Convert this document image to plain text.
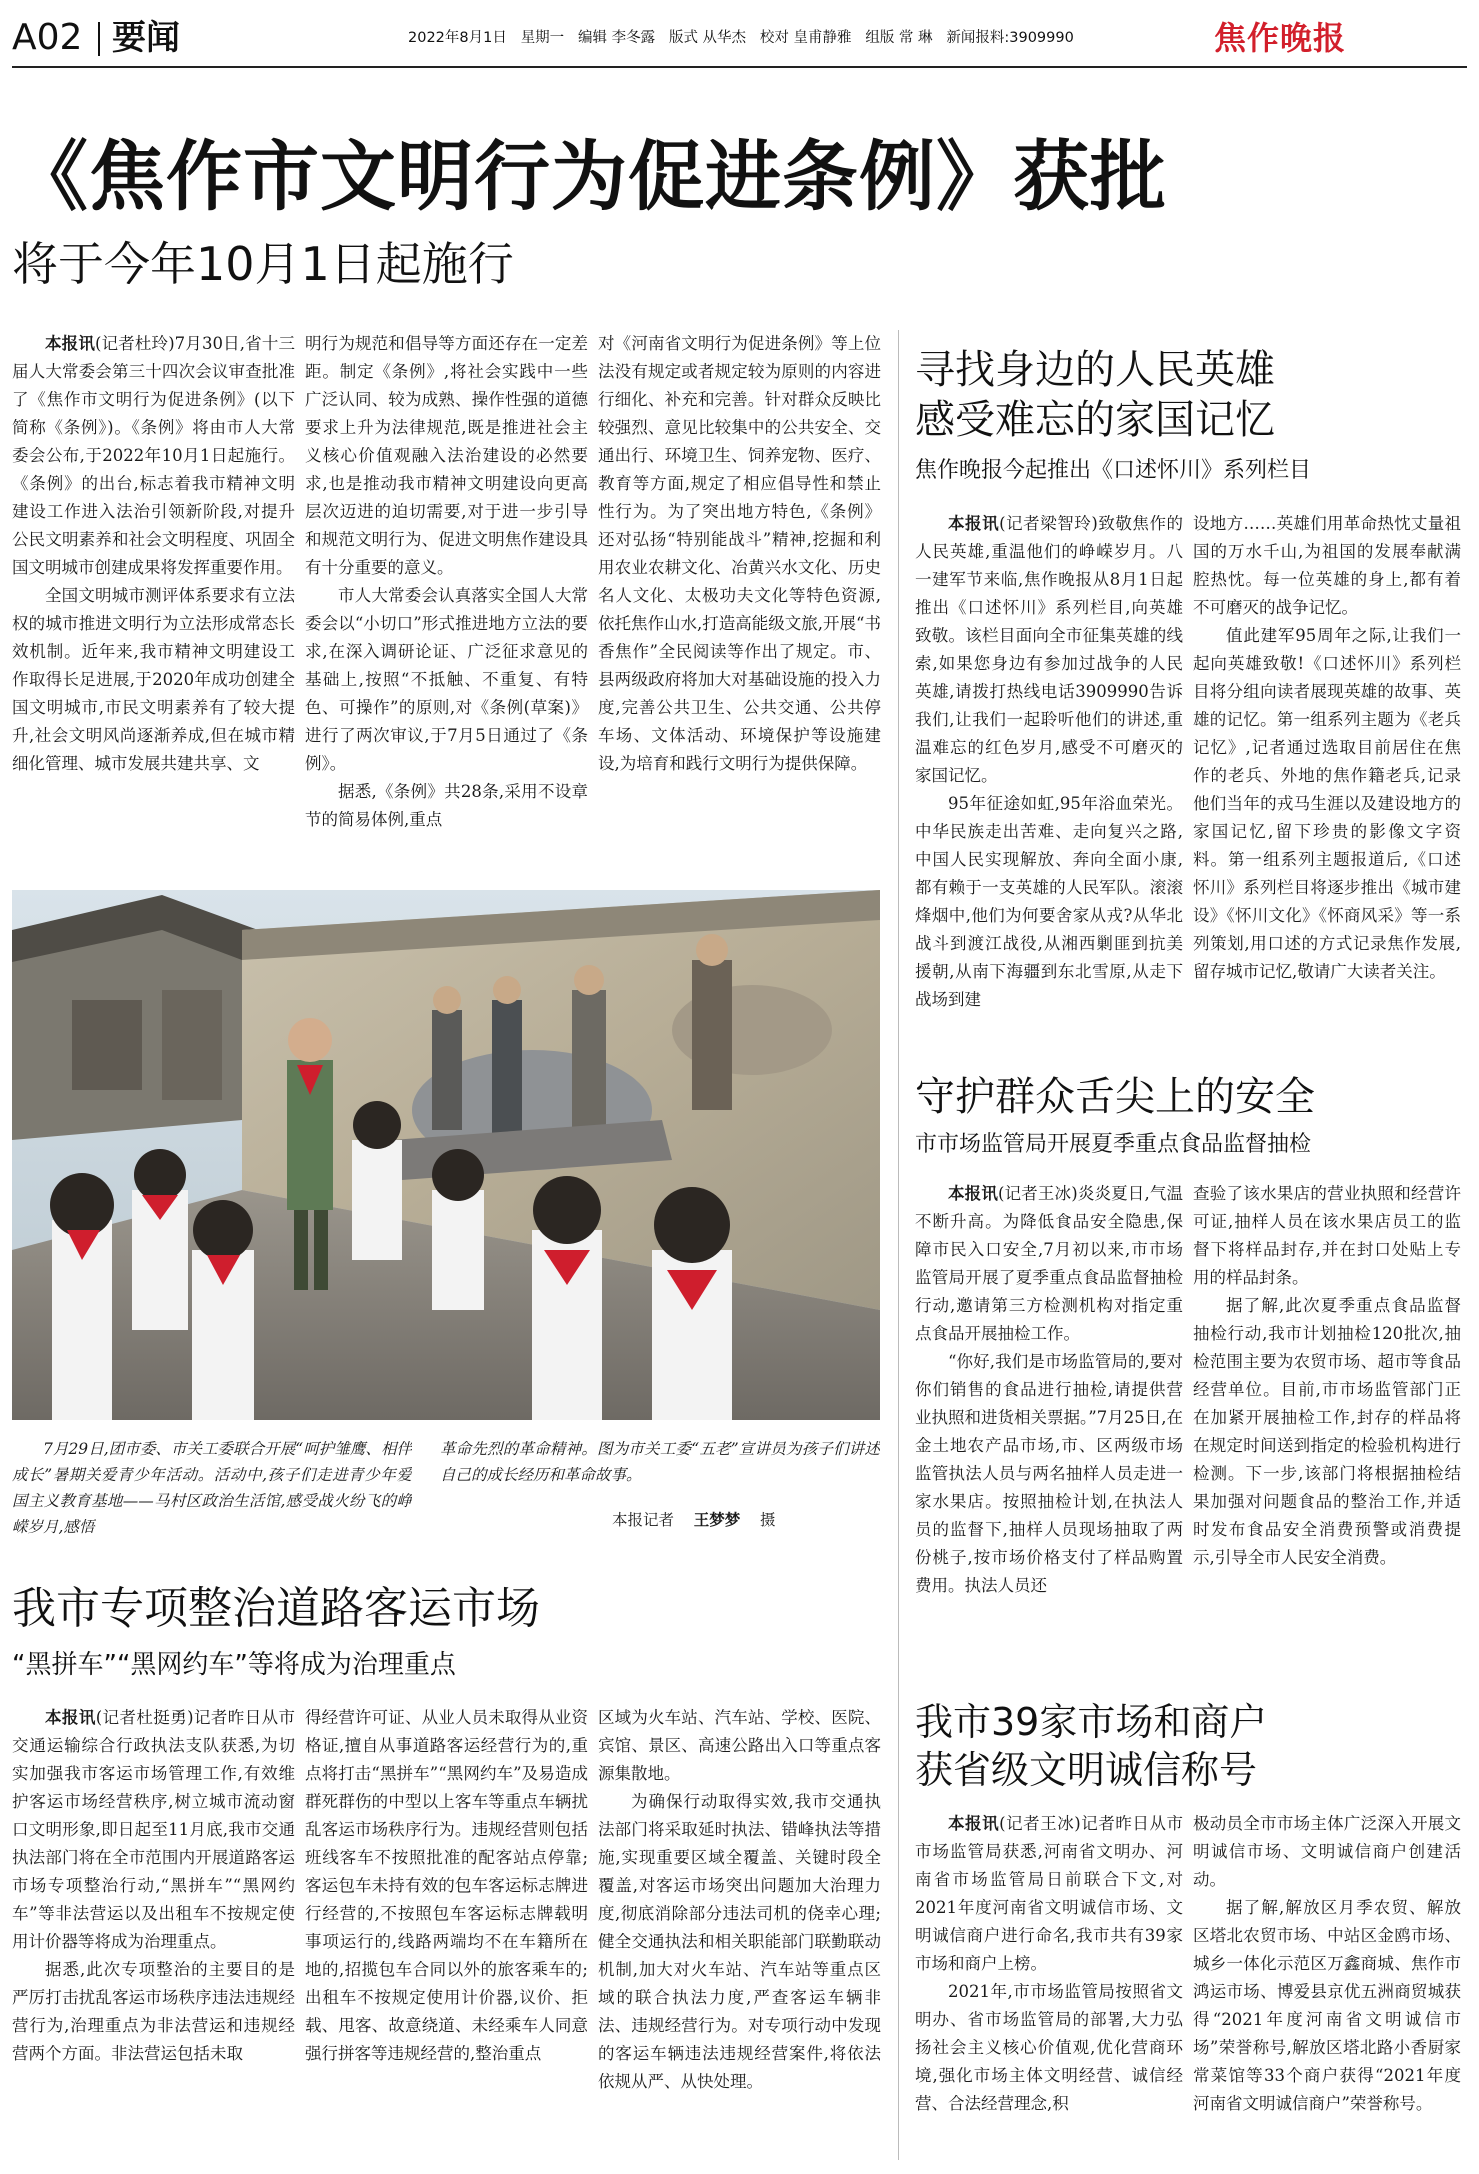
A02 要闻	2022年8月1日 星期一 编辑 李冬露 版式 从华杰 校对 皇甫静雅 组版 常 琳 新闻报料:3909990	焦作晚报
《焦作市文明行为促进条例》获批
将于今年10月1日起施行

本报讯(记者杜玲)7月30日,省十三届人大常委会第三十四次会议审查批准了《焦作市文明行为促进条例》(以下简称《条例》)。《条例》将由市人大常委会公布,于2022年10月1日起施行。《条例》的出台,标志着我市精神文明建设工作进入法治引领新阶段,对提升公民文明素养和社会文明程度、巩固全国文明城市创建成果将发挥重要作用。

全国文明城市测评体系要求有立法权的城市推进文明行为立法形成常态长效机制。近年来,我市精神文明建设工作取得长足进展,于2020年成功创建全国文明城市,市民文明素养有了较大提升,社会文明风尚逐渐养成,但在城市精细化管理、城市发展共建共享、文

明行为规范和倡导等方面还存在一定差距。制定《条例》,将社会实践中一些广泛认同、较为成熟、操作性强的道德要求上升为法律规范,既是推进社会主义核心价值观融入法治建设的必然要求,也是推动我市精神文明建设向更高层次迈进的迫切需要,对于进一步引导和规范文明行为、促进文明焦作建设具有十分重要的意义。

市人大常委会认真落实全国人大常委会以“小切口”形式推进地方立法的要求,在深入调研论证、广泛征求意见的基础上,按照“不抵触、不重复、有特色、可操作”的原则,对《条例(草案)》进行了两次审议,于7月5日通过了《条例》。

据悉,《条例》共28条,采用不设章节的简易体例,重点

对《河南省文明行为促进条例》等上位法没有规定或者规定较为原则的内容进行细化、补充和完善。针对群众反映比较强烈、意见比较集中的公共安全、交通出行、环境卫生、饲养宠物、医疗、教育等方面,规定了相应倡导性和禁止性行为。为了突出地方特色,《条例》还对弘扬“特别能战斗”精神,挖掘和利用农业农耕文化、冶黄兴水文化、历史名人文化、太极功夫文化等特色资源,依托焦作山水,打造高能级文旅,开展“书香焦作”全民阅读等作出了规定。市、县两级政府将加大对基础设施的投入力度,完善公共卫生、公共交通、公共停车场、文体活动、环境保护等设施建设,为培育和践行文明行为提供保障。

7月29日,团市委、市关工委联合开展“呵护雏鹰、相伴成长”暑期关爱青少年活动。活动中,孩子们走进青少年爱国主义教育基地——马村区政治生活馆,感受战火纷飞的峥嵘岁月,感悟

革命先烈的革命精神。图为市关工委“五老”宣讲员为孩子们讲述自己的成长经历和革命故事。

本报记者 王梦梦 摄
我市专项整治道路客运市场
“黑拼车”“黑网约车”等将成为治理重点

本报讯(记者杜挺勇)记者昨日从市交通运输综合行政执法支队获悉,为切实加强我市客运市场管理工作,有效维护客运市场经营秩序,树立城市流动窗口文明形象,即日起至11月底,我市交通执法部门将在全市范围内开展道路客运市场专项整治行动,“黑拼车”“黑网约车”等非法营运以及出租车不按规定使用计价器等将成为治理重点。

据悉,此次专项整治的主要目的是严厉打击扰乱客运市场秩序违法违规经营行为,治理重点为非法营运和违规经营两个方面。非法营运包括未取

得经营许可证、从业人员未取得从业资格证,擅自从事道路客运经营行为的,重点将打击“黑拼车”“黑网约车”及易造成群死群伤的中型以上客车等重点车辆扰乱客运市场秩序行为。违规经营则包括班线客车不按照批准的配客站点停靠;客运包车未持有效的包车客运标志牌进行经营的,不按照包车客运标志牌载明事项运行的,线路两端均不在车籍所在地的,招揽包车合同以外的旅客乘车的;出租车不按规定使用计价器,议价、拒载、甩客、故意绕道、未经乘车人同意强行拼客等违规经营的,整治重点

区域为火车站、汽车站、学校、医院、宾馆、景区、高速公路出入口等重点客源集散地。

为确保行动取得实效,我市交通执法部门将采取延时执法、错峰执法等措施,实现重要区域全覆盖、关键时段全覆盖,对客运市场突出问题加大治理力度,彻底消除部分违法司机的侥幸心理;健全交通执法和相关职能部门联勤联动机制,加大对火车站、汽车站等重点区域的联合执法力度,严查客运车辆非法、违规经营行为。对专项行动中发现的客运车辆违法违规经营案件,将依法依规从严、从快处理。

寻找身边的人民英雄
感受难忘的家国记忆
焦作晚报今起推出《口述怀川》系列栏目

本报讯(记者梁智玲)致敬焦作的人民英雄,重温他们的峥嵘岁月。八一建军节来临,焦作晚报从8月1日起推出《口述怀川》系列栏目,向英雄致敬。该栏目面向全市征集英雄的线索,如果您身边有参加过战争的人民英雄,请拨打热线电话3909990告诉我们,让我们一起聆听他们的讲述,重温难忘的红色岁月,感受不可磨灭的家国记忆。

95年征途如虹,95年浴血荣光。中华民族走出苦难、走向复兴之路,中国人民实现解放、奔向全面小康,都有赖于一支英雄的人民军队。滚滚烽烟中,他们为何要舍家从戎?从华北战斗到渡江战役,从湘西剿匪到抗美援朝,从南下海疆到东北雪原,从走下战场到建

设地方……英雄们用革命热忱丈量祖国的万水千山,为祖国的发展奉献满腔热忱。每一位英雄的身上,都有着不可磨灭的战争记忆。

值此建军95周年之际,让我们一起向英雄致敬!《口述怀川》系列栏目将分组向读者展现英雄的故事、英雄的记忆。第一组系列主题为《老兵记忆》,记者通过选取目前居住在焦作的老兵、外地的焦作籍老兵,记录他们当年的戎马生涯以及建设地方的家国记忆,留下珍贵的影像文字资料。第一组系列主题报道后,《口述怀川》系列栏目将逐步推出《城市建设》《怀川文化》《怀商风采》等一系列策划,用口述的方式记录焦作发展,留存城市记忆,敬请广大读者关注。

守护群众舌尖上的安全
市市场监管局开展夏季重点食品监督抽检

本报讯(记者王冰)炎炎夏日,气温不断升高。为降低食品安全隐患,保障市民入口安全,7月初以来,市市场监管局开展了夏季重点食品监督抽检行动,邀请第三方检测机构对指定重点食品开展抽检工作。

“你好,我们是市场监管局的,要对你们销售的食品进行抽检,请提供营业执照和进货相关票据。”7月25日,在金土地农产品市场,市、区两级市场监管执法人员与两名抽样人员走进一家水果店。按照抽检计划,在执法人员的监督下,抽样人员现场抽取了两份桃子,按市场价格支付了样品购置费用。执法人员还

查验了该水果店的营业执照和经营许可证,抽样人员在该水果店员工的监督下将样品封存,并在封口处贴上专用的样品封条。

据了解,此次夏季重点食品监督抽检行动,我市计划抽检120批次,抽检范围主要为农贸市场、超市等食品经营单位。目前,市市场监管部门正在加紧开展抽检工作,封存的样品将在规定时间送到指定的检验机构进行检测。下一步,该部门将根据抽检结果加强对问题食品的整治工作,并适时发布食品安全消费预警或消费提示,引导全市人民安全消费。

我市39家市场和商户
获省级文明诚信称号

本报讯(记者王冰)记者昨日从市市场监管局获悉,河南省文明办、河南省市场监管局日前联合下文,对2021年度河南省文明诚信市场、文明诚信商户进行命名,我市共有39家市场和商户上榜。

2021年,市市场监管局按照省文明办、省市场监管局的部署,大力弘扬社会主义核心价值观,优化营商环境,强化市场主体文明经营、诚信经营、合法经营理念,积

极动员全市市场主体广泛深入开展文明诚信市场、文明诚信商户创建活动。

据了解,解放区月季农贸、解放区塔北农贸市场、中站区金鸥市场、城乡一体化示范区万鑫商城、焦作市鸿运市场、博爱县京优五洲商贸城获得“2021年度河南省文明诚信市场”荣誉称号,解放区塔北路小香厨家常菜馆等33个商户获得“2021年度河南省文明诚信商户”荣誉称号。
